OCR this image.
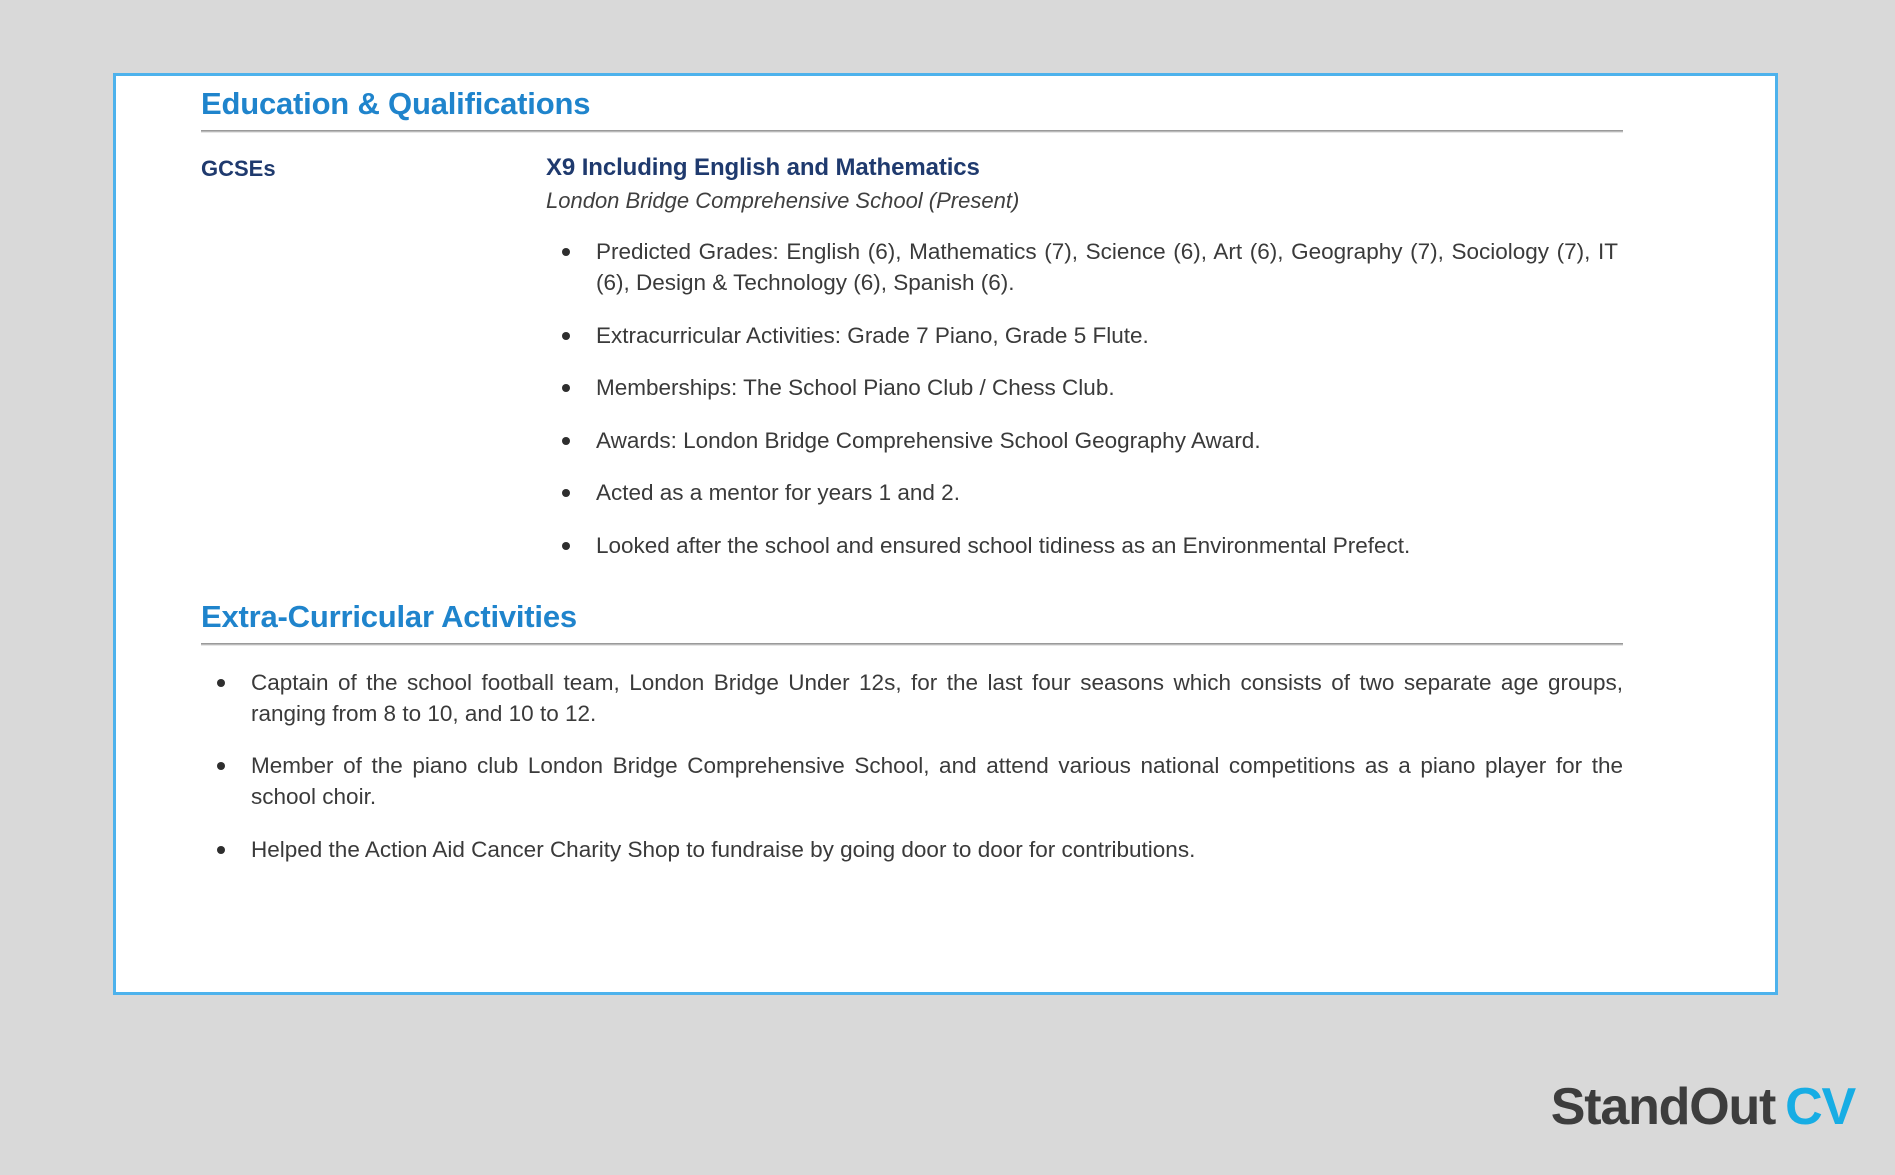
Education & Qualifications
GCSEs	X9 Including English and Mathematics
London Bridge Comprehensive School (Present)
Predicted Grades: English (6), Mathematics (7), Science (6), Art (6), Geography (7), Sociology (7), IT (6), Design & Technology (6), Spanish (6).
Extracurricular Activities: Grade 7 Piano, Grade 5 Flute.
Memberships: The School Piano Club / Chess Club.
Awards: London Bridge Comprehensive School Geography Award.
Acted as a mentor for years 1 and 2.
Looked after the school and ensured school tidiness as an Environmental Prefect.
Extra-Curricular Activities
Captain of the school football team, London Bridge Under 12s, for the last four seasons which consists of two separate age groups, ranging from 8 to 10, and 10 to 12.
Member of the piano club London Bridge Comprehensive School, and attend various national competitions as a piano player for the school choir.
Helped the Action Aid Cancer Charity Shop to fundraise by going door to door for contributions.
StandOut CV
